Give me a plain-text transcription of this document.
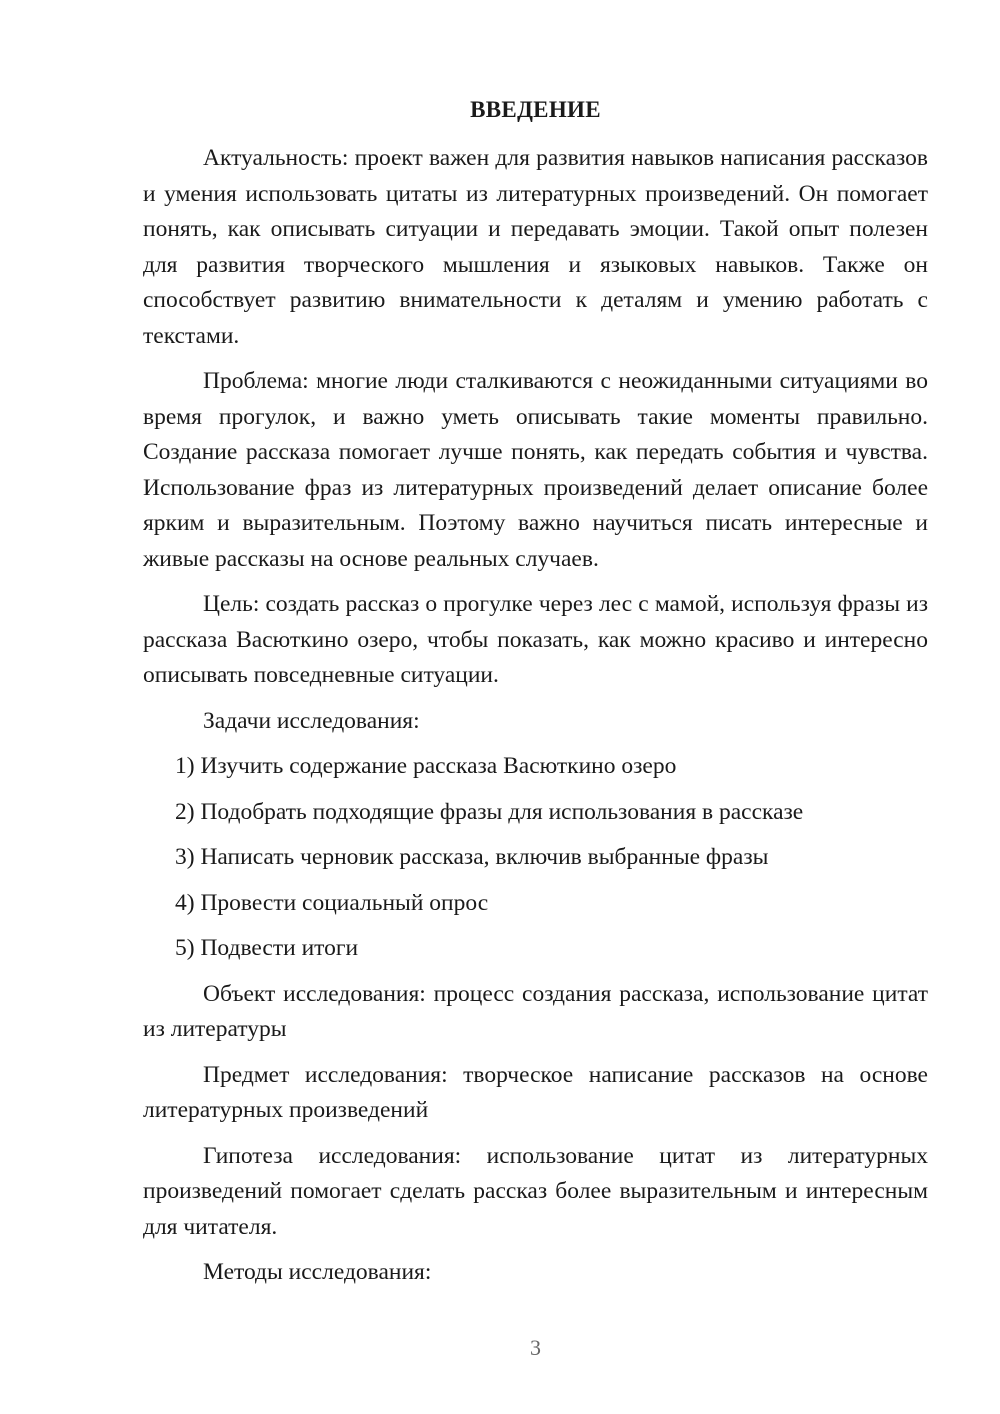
ВВЕДЕНИЕ

Актуальность: проект важен для развития навыков написания рассказов и умения использовать цитаты из литературных произведений. Он помогает понять, как описывать ситуации и передавать эмоции. Такой опыт полезен для развития творческого мышления и языковых навыков. Также он способствует развитию внимательности к деталям и умению работать с текстами.

Проблема: многие люди сталкиваются с неожиданными ситуациями во время прогулок, и важно уметь описывать такие моменты правильно. Создание рассказа помогает лучше понять, как передать события и чувства. Использование фраз из литературных произведений делает описание более ярким и выразительным. Поэтому важно научиться писать интересные и живые рассказы на основе реальных случаев.

Цель: создать рассказ о прогулке через лес с мамой, используя фразы из рассказа Васюткино озеро, чтобы показать, как можно красиво и интересно описывать повседневные ситуации.

Задачи исследования:

1) Изучить содержание рассказа Васюткино озеро

2) Подобрать подходящие фразы для использования в рассказе

3) Написать черновик рассказа, включив выбранные фразы

4) Провести социальный опрос

5) Подвести итоги

Объект исследования: процесс создания рассказа, использование цитат из литературы

Предмет исследования: творческое написание рассказов на основе литературных произведений

Гипотеза исследования: использование цитат из литературных произведений помогает сделать рассказ более выразительным и интересным для читателя.

Методы исследования:

3
